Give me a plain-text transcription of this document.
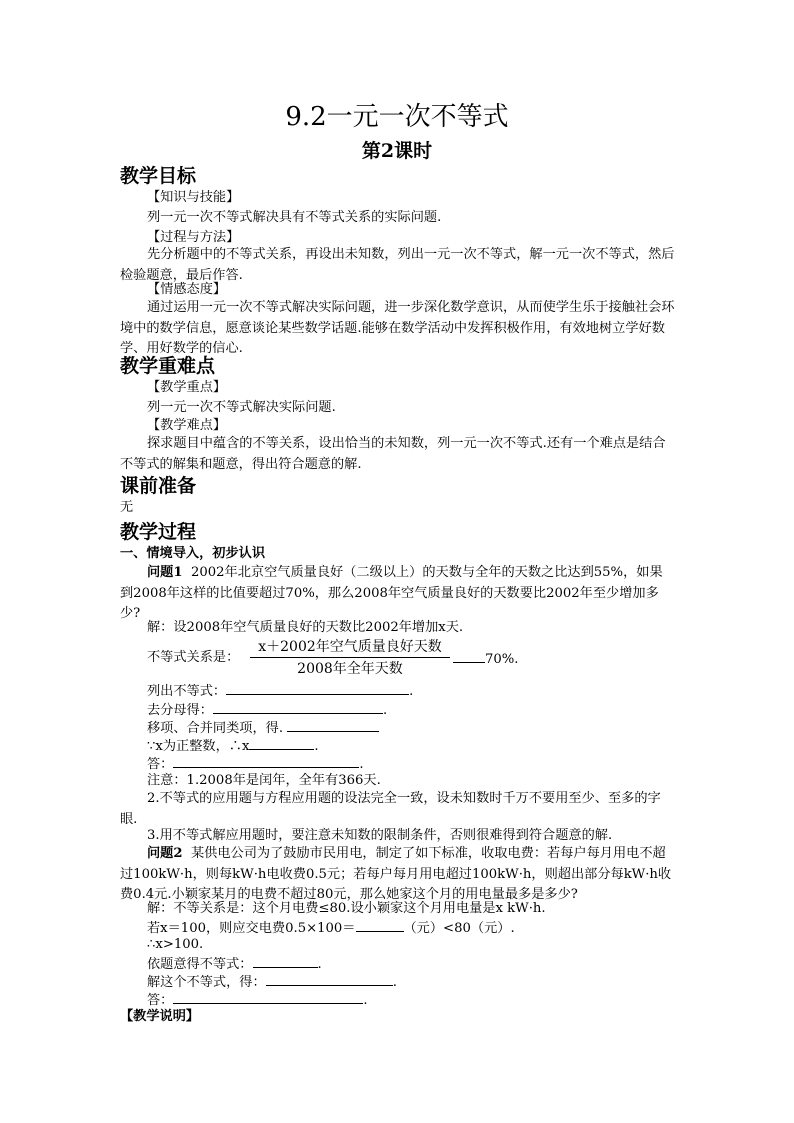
9.2一元一次不等式
第2课时
教学目标
【知识与技能】
列一元一次不等式解决具有不等式关系的实际问题.
【过程与方法】
先分析题中的不等式关系，再设出未知数，列出一元一次不等式，解一元一次不等式，然后检验题意，最后作答.
【情感态度】
通过运用一元一次不等式解决实际问题，进一步深化数学意识，从而使学生乐于接触社会环境中的数学信息，愿意谈论某些数学话题.能够在数学活动中发挥积极作用，有效地树立学好数学、用好数学的信心.
教学重难点
【教学重点】
列一元一次不等式解决实际问题.
【教学难点】
探求题目中蕴含的不等关系，设出恰当的未知数，列一元一次不等式.还有一个难点是结合不等式的解集和题意，得出符合题意的解.
课前准备
无
教学过程
一、情境导入，初步认识
问题1 2002年北京空气质量良好（二级以上）的天数与全年的天数之比达到55%，如果到2008年这样的比值要超过70%，那么2008年空气质量良好的天数要比2002年至少增加多少?
解：设2008年空气质量良好的天数比2002年增加x天.
不等式关系是：
x＋2002年空气质量良好天数
2008年全年天数
70%.
列出不等式：	.
去分母得：	.
移项、合并同类项，得.
∵x为正整数，∴x	.
答：	.
注意：1.2008年是闰年，全年有366天.
2.不等式的应用题与方程应用题的设法完全一致，设未知数时千万不要用至少、至多的字眼.
3.用不等式解应用题时，要注意未知数的限制条件，否则很难得到符合题意的解.
问题2 某供电公司为了鼓励市民用电，制定了如下标准，收取电费：若每户每月用电不超过100kW·h，则每kW·h电收费0.5元；若每户每月用电超过100kW·h，则超出部分每kW·h收费0.4元.小颖家某月的电费不超过80元，那么她家这个月的用电量最多是多少?
解：不等关系是：这个月电费≤80.设小颖家这个月用电量是x kW·h.
若x＝100，则应交电费0.5×100＝	（元）<80（元）.
∴x>100.
依题意得不等式：	.
解这个不等式，得：	.
答：	.
【教学说明】
